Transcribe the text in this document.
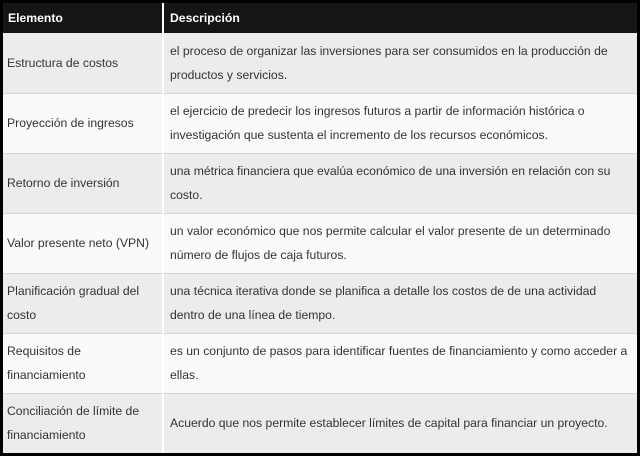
Elemento	Descripción
Estructura de costos	el proceso de organizar las inversiones para ser consumidos en la producción de productos y servicios.
Proyección de ingresos	el ejercicio de predecir los ingresos futuros a partir de información histórica o investigación que sustenta el incremento de los recursos económicos.
Retorno de inversión	una métrica financiera que evalúa económico de una inversión en relación con su costo.
Valor presente neto (VPN)	un valor económico que nos permite calcular el valor presente de un determinado número de flujos de caja futuros.
Planificación gradual del costo	una técnica iterativa donde se planifica a detalle los costos de de una actividad dentro de una línea de tiempo.
Requisitos de financiamiento	es un conjunto de pasos para identificar fuentes de financiamiento y como acceder a ellas.
Conciliación de límite de financiamiento	Acuerdo que nos permite establecer límites de capital para financiar un proyecto.
